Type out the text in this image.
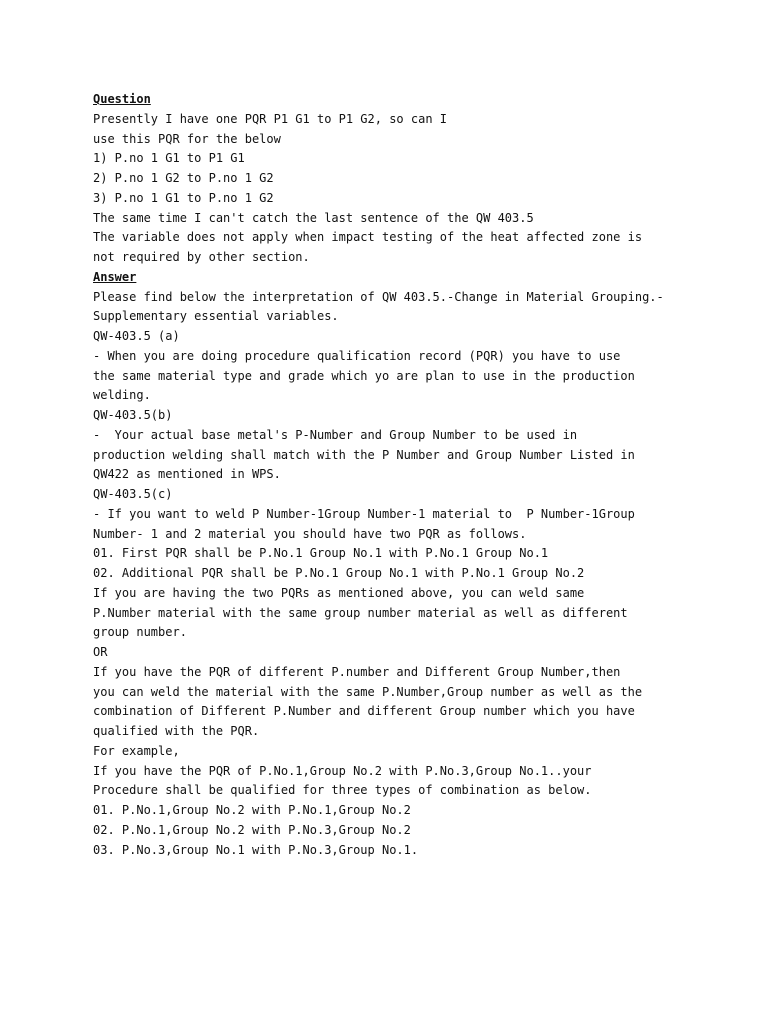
Question

Presently I have one PQR P1 G1 to P1 G2, so can I

use this PQR for the below

1) P.no 1 G1 to P1 G1

2) P.no 1 G2 to P.no 1 G2

3) P.no 1 G1 to P.no 1 G2

The same time I can't catch the last sentence of the QW 403.5

The variable does not apply when impact testing of the heat affected zone is

not required by other section.

Answer

Please find below the interpretation of QW 403.5.-Change in Material Grouping.-

Supplementary essential variables.

QW-403.5 (a)

- When you are doing procedure qualification record (PQR) you have to use

the same material type and grade which yo are plan to use in the production

welding.

QW-403.5(b)

-  Your actual base metal's P-Number and Group Number to be used in

production welding shall match with the P Number and Group Number Listed in

QW422 as mentioned in WPS.

QW-403.5(c)

- If you want to weld P Number-1Group Number-1 material to  P Number-1Group

Number- 1 and 2 material you should have two PQR as follows.

01. First PQR shall be P.No.1 Group No.1 with P.No.1 Group No.1

02. Additional PQR shall be P.No.1 Group No.1 with P.No.1 Group No.2

If you are having the two PQRs as mentioned above, you can weld same

P.Number material with the same group number material as well as different

group number.

OR

If you have the PQR of different P.number and Different Group Number,then

you can weld the material with the same P.Number,Group number as well as the

combination of Different P.Number and different Group number which you have

qualified with the PQR.

For example,

If you have the PQR of P.No.1,Group No.2 with P.No.3,Group No.1..your

Procedure shall be qualified for three types of combination as below.

01. P.No.1,Group No.2 with P.No.1,Group No.2

02. P.No.1,Group No.2 with P.No.3,Group No.2

03. P.No.3,Group No.1 with P.No.3,Group No.1.
